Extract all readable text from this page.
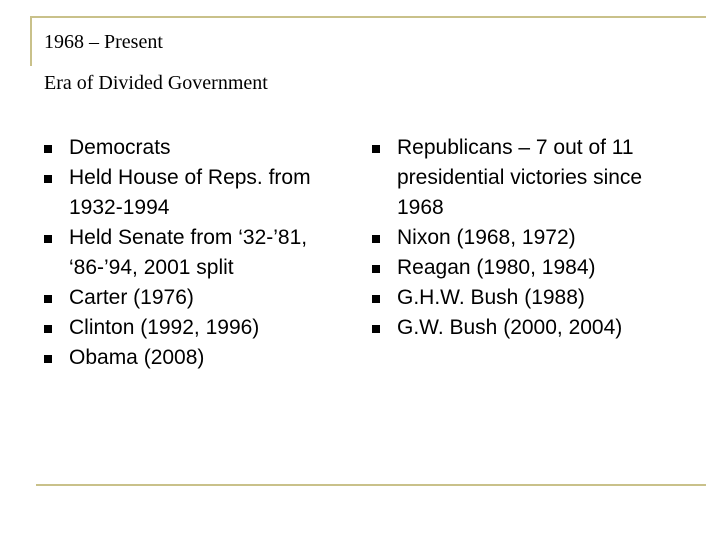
1968 – Present
Era of Divided Government
Democrats
Held House of Reps. from 1932-1994
Held Senate from ‘32-’81, ‘86-’94, 2001 split
Carter (1976)
Clinton (1992, 1996)
Obama (2008)
Republicans – 7 out of 11 presidential victories since 1968
Nixon (1968, 1972)
Reagan (1980, 1984)
G.H.W. Bush (1988)
G.W. Bush (2000, 2004)
